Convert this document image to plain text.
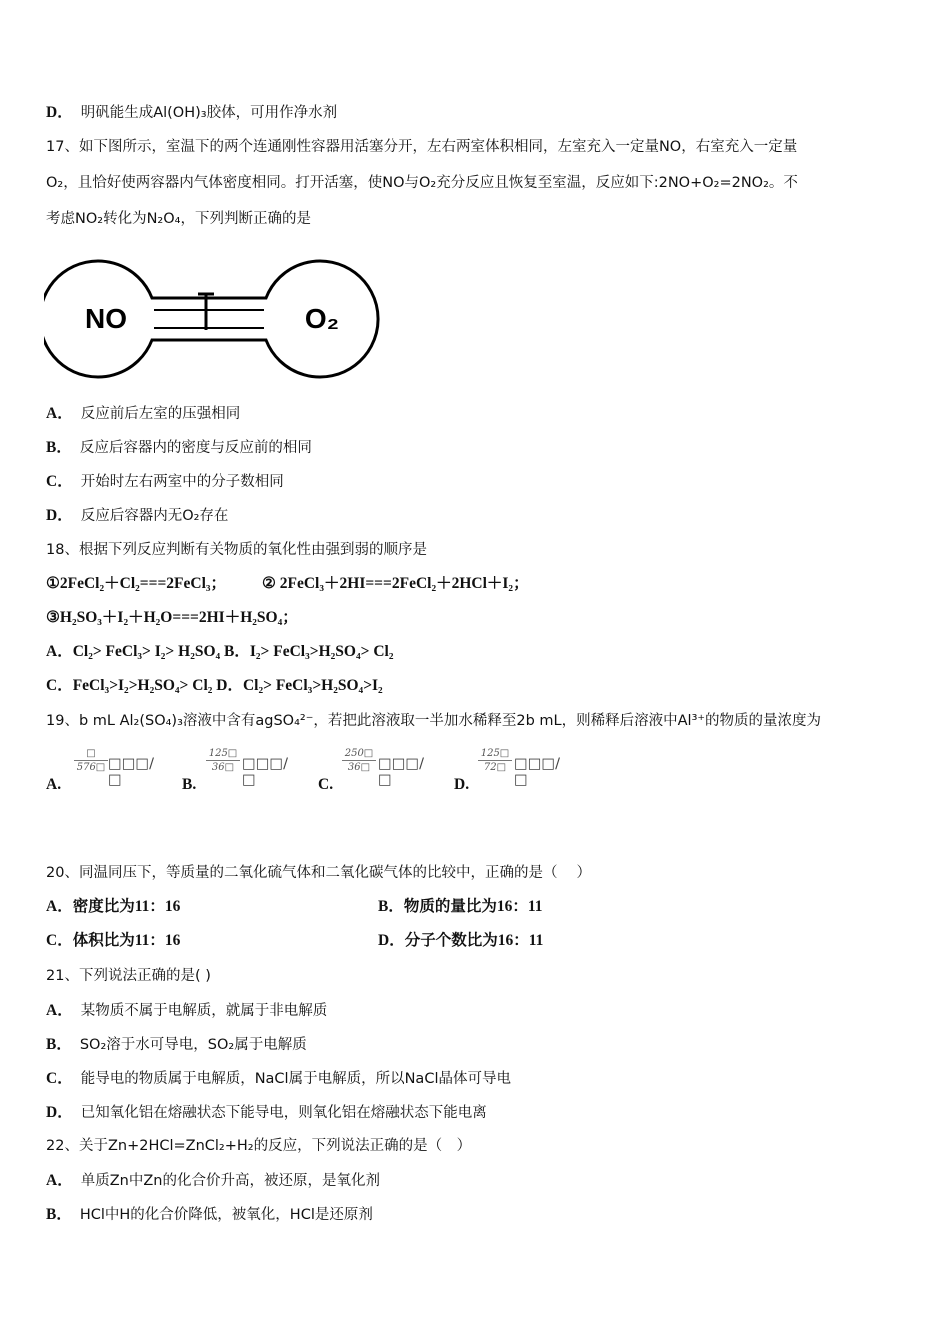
D． 明矾能生成Al(OH)₃胶体，可用作净水剂
17、如下图所示，室温下的两个连通刚性容器用活塞分开，左右两室体积相同，左室充入一定量NO，右室充入一定量
O₂，且恰好使两容器内气体密度相同。打开活塞，使NO与O₂充分反应且恢复至室温，反应如下:2NO+O₂=2NO₂。不
考虑NO₂转化为N₂O₄，下列判断正确的是
NO	O₂
A． 反应前后左室的压强相同
B． 反应后容器内的密度与反应前的相同
C． 开始时左右两室中的分子数相同
D． 反应后容器内无O₂存在
18、根据下列反应判断有关物质的氧化性由强到弱的顺序是
①2FeCl₂＋Cl₂===2FeCl₃； ② 2FeCl₃＋2HI===2FeCl₂＋2HCl＋I₂；
③H₂SO₃＋I₂＋H₂O===2HI＋H₂SO₄；
A．Cl₂> FeCl₃> I₂> H₂SO₄ B．I₂> FeCl₃>H₂SO₄> Cl₂
C．FeCl₃>I₂>H₂SO₄> Cl₂ D．Cl₂> FeCl₃>H₂SO₄>I₂
19、b mL Al₂(SO₄)₃溶液中含有agSO₄²⁻，若把此溶液取一半加水稀释至2b mL，则稀释后溶液中Al³⁺的物质的量浓度为
□
576□ □□□/□
A.
$\frac{125□}{36□}$ □□□/□
B.
$\frac{250□}{36□}$ □□□/□
C.
$\frac{125□}{72□}$ □□□/□
D.
20、同温同压下，等质量的二氧化硫气体和二氧化碳气体的比较中，正确的是（　 ）
A．密度比为11：16	B．物质的量比为16：11
C．体积比为11：16	D．分子个数比为16：11
21、下列说法正确的是( )
A． 某物质不属于电解质，就属于非电解质
B． SO₂溶于水可导电，SO₂属于电解质
C． 能导电的物质属于电解质，NaCl属于电解质，所以NaCl晶体可导电
D． 已知氧化铝在熔融状态下能导电，则氧化铝在熔融状态下能电离
22、关于Zn+2HCl=ZnCl₂+H₂的反应，下列说法正确的是（　）
A． 单质Zn中Zn的化合价升高，被还原，是氧化剂
B． HCl中H的化合价降低，被氧化，HCl是还原剂
